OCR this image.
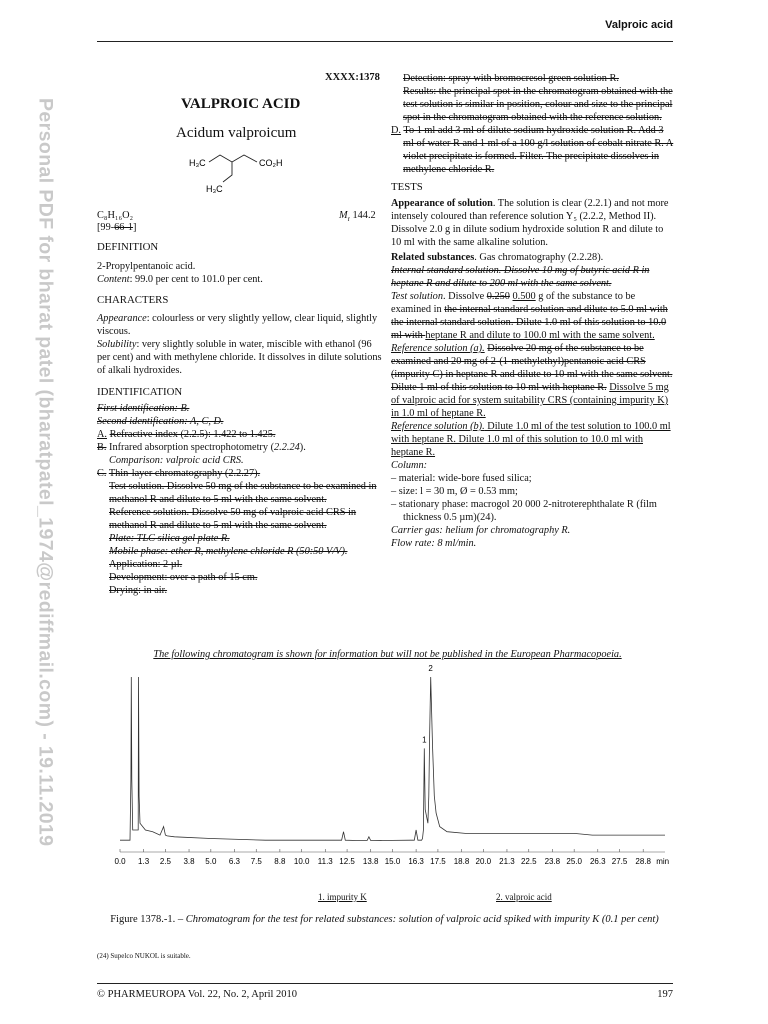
Valproic acid
Personal PDF for bharat patel (bharatpatel_1974@rediffmail.com) - 19.11.2019
XXXX:1378
VALPROIC ACID
Acidum valproicum
H₃C	CO₂H
H₃C
C₈H₁₆O₂
[99-66-1]
$M_r$ 144.2

DEFINITION

2-Propylpentanoic acid.

Content: 99.0 per cent to 101.0 per cent.

CHARACTERS

Appearance: colourless or very slightly yellow, clear liquid, slightly viscous.

Solubility: very slightly soluble in water, miscible with ethanol (96 per cent) and with methylene chloride. It dissolves in dilute solutions of alkali hydroxides.

IDENTIFICATION

First identification: B.

Second identification: A, C, D.

A. Refractive index (2.2.5): 1.422 to 1.425.

B. Infrared absorption spectrophotometry (2.2.24).

Comparison: valproic acid CRS.

C. Thin-layer chromatography (2.2.27).

Test solution. Dissolve 50 mg of the substance to be examined in methanol R and dilute to 5 ml with the same solvent.

Reference solution. Dissolve 50 mg of valproic acid CRS in methanol R and dilute to 5 ml with the same solvent.

Plate: TLC silica gel plate R.

Mobile phase: ether R, methylene chloride R (50:50 V/V).

Application: 2 µl.

Development: over a path of 15 cm.

Drying: in air.

Detection: spray with bromocresol green solution R.

Results: the principal spot in the chromatogram obtained with the test solution is similar in position, colour and size to the principal spot in the chromatogram obtained with the reference solution.

D. To 1 ml add 3 ml of dilute sodium hydroxide solution R. Add 3 ml of water R and 1 ml of a 100 g/l solution of cobalt nitrate R. A violet precipitate is formed. Filter. The precipitate dissolves in methylene chloride R.

TESTS

Appearance of solution. The solution is clear (2.2.1) and not more intensely coloured than reference solution Y₅ (2.2.2, Method II).

Dissolve 2.0 g in dilute sodium hydroxide solution R and dilute to 10 ml with the same alkaline solution.

Related substances. Gas chromatography (2.2.28).

Internal standard solution. Dissolve 10 mg of butyric acid R in heptane R and dilute to 200 ml with the same solvent.

Test solution. Dissolve 0.250 0.500 g of the substance to be examined in the internal standard solution and dilute to 5.0 ml with the internal standard solution. Dilute 1.0 ml of this solution to 10.0 ml with heptane R and dilute to 100.0 ml with the same solvent.

Reference solution (a). Dissolve 20 mg of the substance to be examined and 20 mg of 2-(1-methylethyl)pentanoic acid CRS (impurity C) in heptane R and dilute to 10 ml with the same solvent. Dilute 1 ml of this solution to 10 ml with heptane R. Dissolve 5 mg of valproic acid for system suitability CRS (containing impurity K) in 1.0 ml of heptane R.

Reference solution (b). Dilute 1.0 ml of the test solution to 100.0 ml with heptane R. Dilute 1.0 ml of this solution to 10.0 ml with heptane R.

Column:

– material: wide-bore fused silica;

– size: l = 30 m, Ø = 0.53 mm;

– stationary phase: macrogol 20 000 2-nitroterephthalate R (film thickness 0.5 µm)(24).

Carrier gas: helium for chromatography R.

Flow rate: 8 ml/min.

The following chromatogram is shown for information but will not be published in the European Pharmacopoeia.
0.0 1.3 2.5 3.8 5.0 6.3 7.5 8.8 10.0 11.3 12.5 13.8 15.0 16.3 17.5 18.8 20.0 21.3 22.5 23.8 25.0 26.3 27.5 28.8 min
1
2
1. impurity K	2. valproic acid
Figure 1378.-1. – Chromatogram for the test for related substances: solution of valproic acid spiked with impurity K (0.1 per cent)
(24) Supelco NUKOL is suitable.
© PHARMEUROPA Vol. 22, No. 2, April 2010	197
